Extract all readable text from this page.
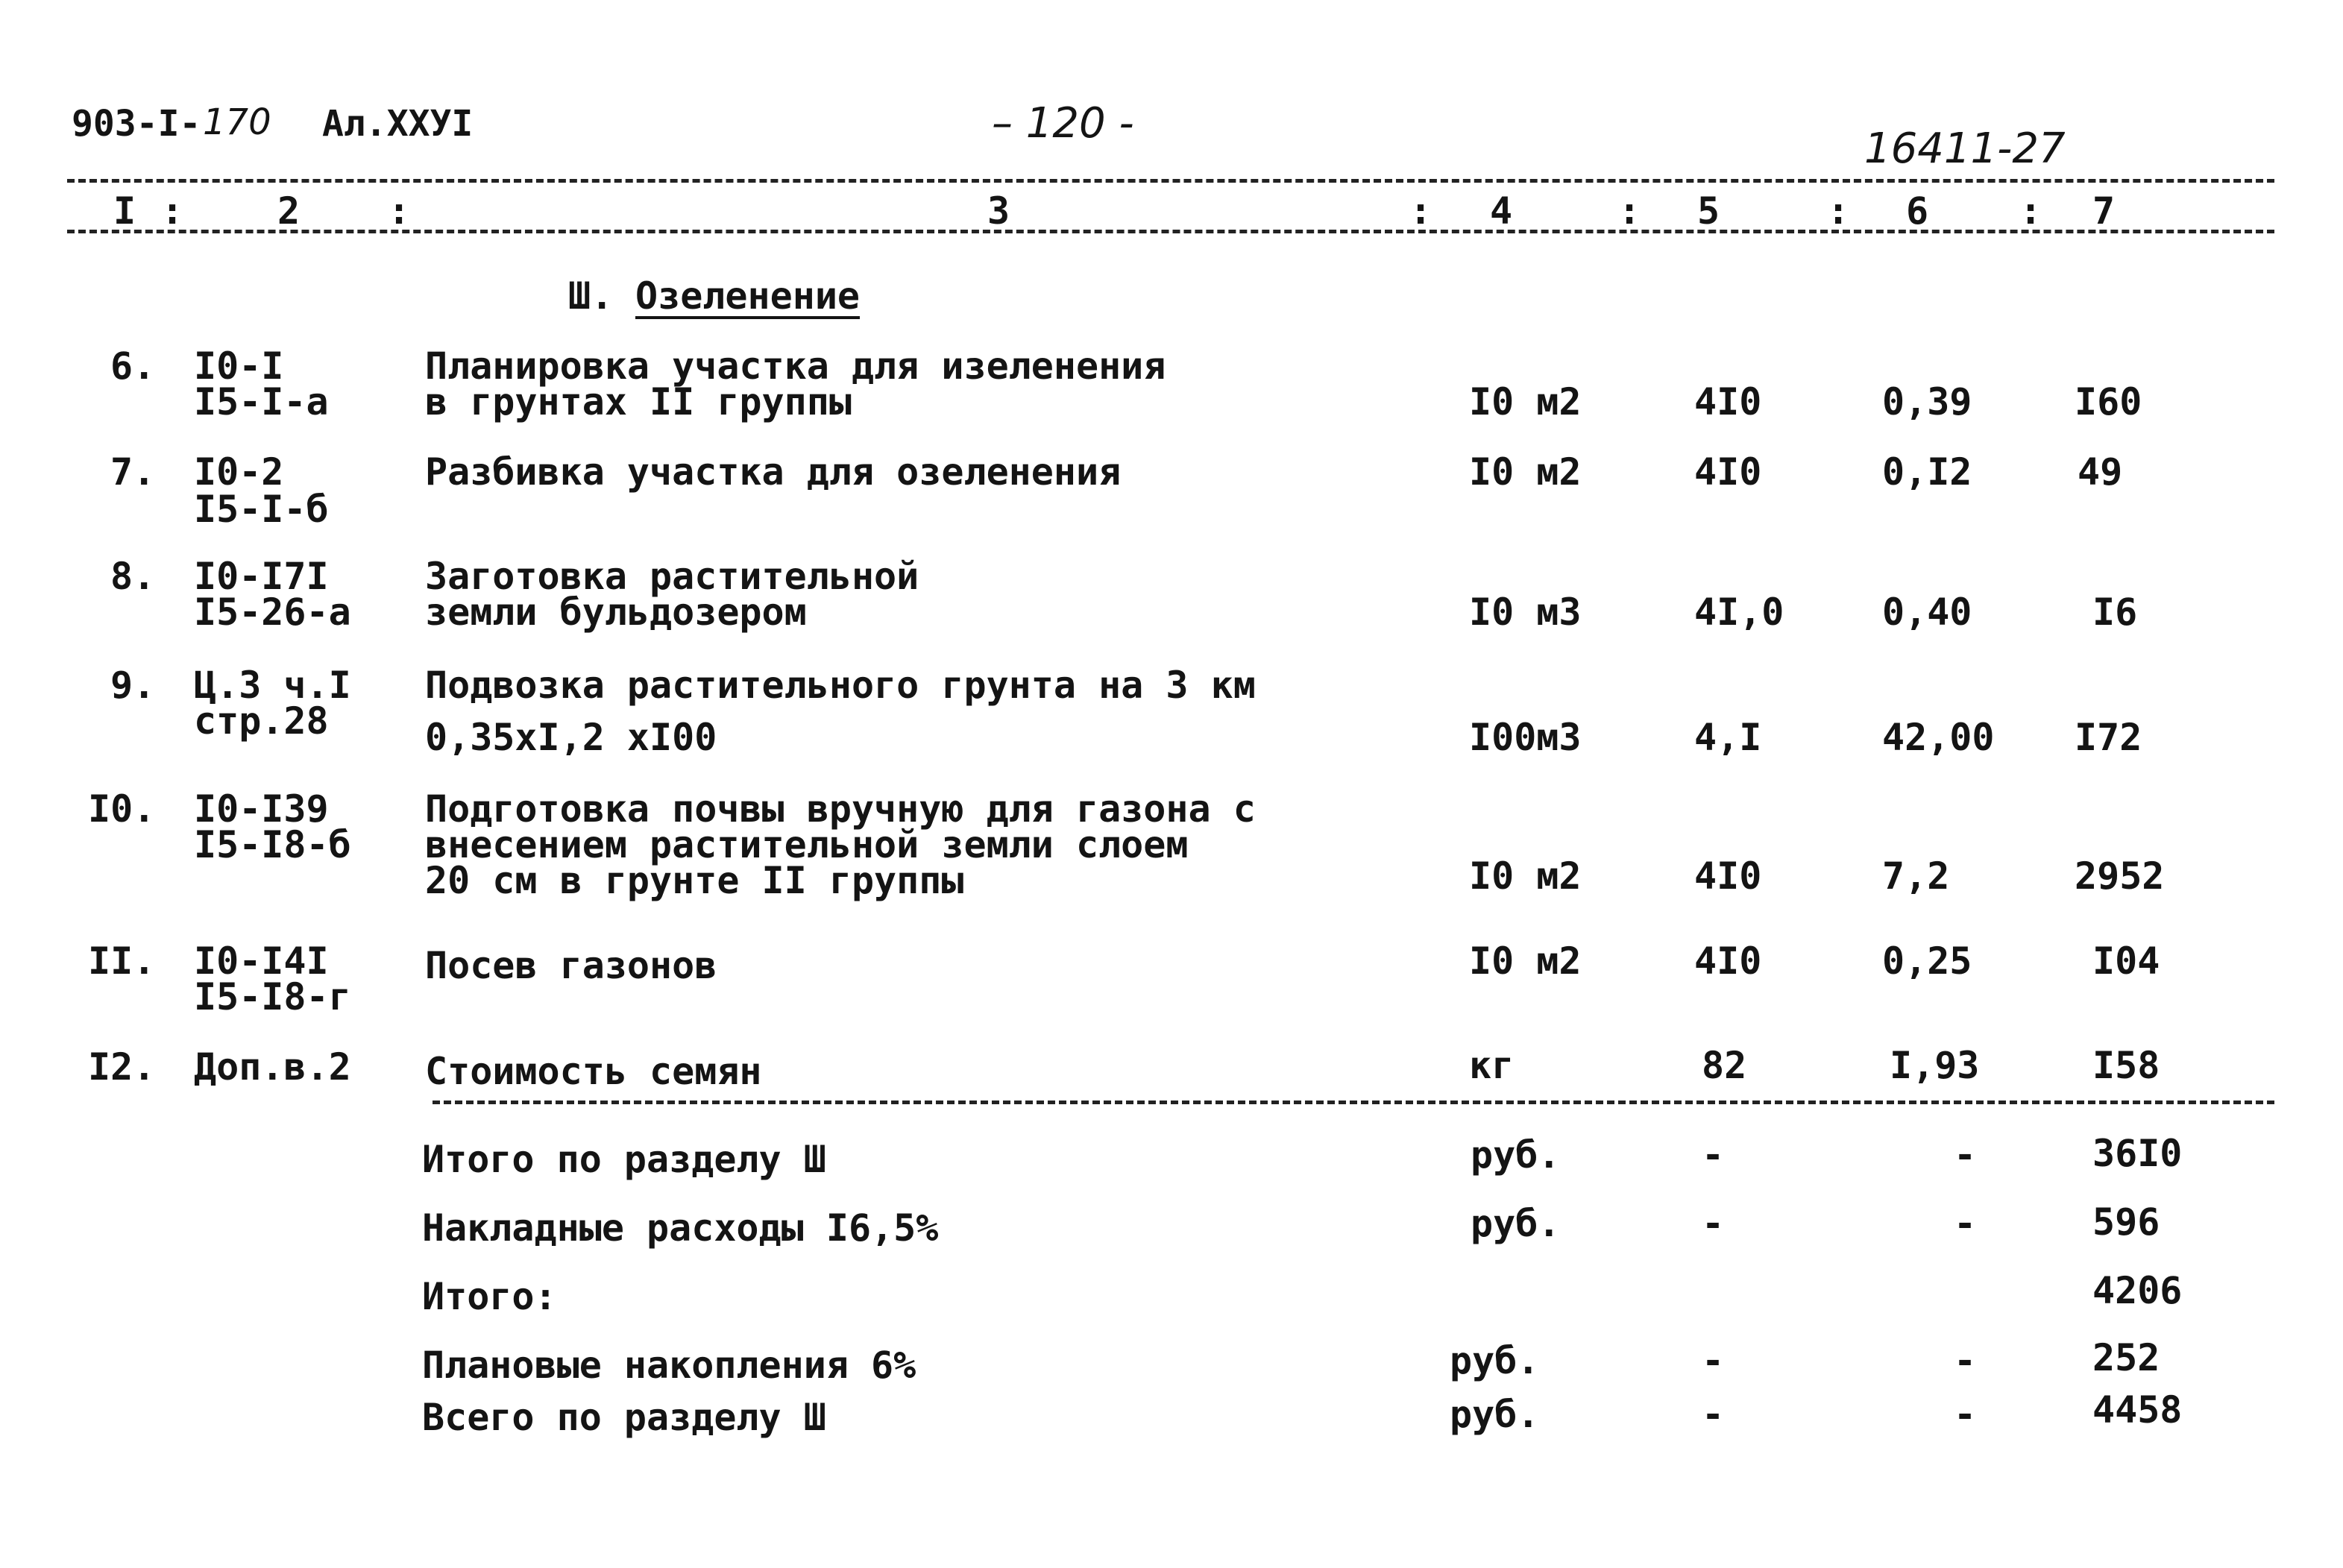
903-I- 170 Ал.XXУI	– 120 -
16411-27
I :	2 :	3	: 4	: 5	: 6 : 7
Ш. Озеленение
6. I0-I
I5-I-а
Планировка участка для изеленения
в грунтах II группы	I0 м2	4I0	0,39	I60
7. I0-2
I5-I-б
Разбивка участка для озеленения	I0 м2	4I0	0,I2	49
8. I0-I7I
I5-26-а
Заготовка растительной
земли бульдозером	I0 м3	4I,0	0,40	I6
9. Ц.3 ч.I
стр.28
Подвозка растительного грунта на 3 км
0,35хI,2 хI00	I00м3	4,I	42,00 I72
I0. I0-I39
I5-I8-б
Подготовка почвы вручную для газона с
внесением растительной земли слоем
20 см в грунте II группы	I0 м2	4I0	7,2	2952
II. I0-I4I
I5-I8-г
Посев газонов	I0 м2	4I0	0,25	I04
I2. Доп.в.2 Стоимость семян	кг	82	I,93	I58
Итого по разделу Ш	руб.	-	-	36I0
Накладные расходы I6,5%	руб.	-	-	596
Итого:	4206
Плановые накопления 6%	руб.	-	-	252
Всего по разделу Ш	руб.	-	-	4458
